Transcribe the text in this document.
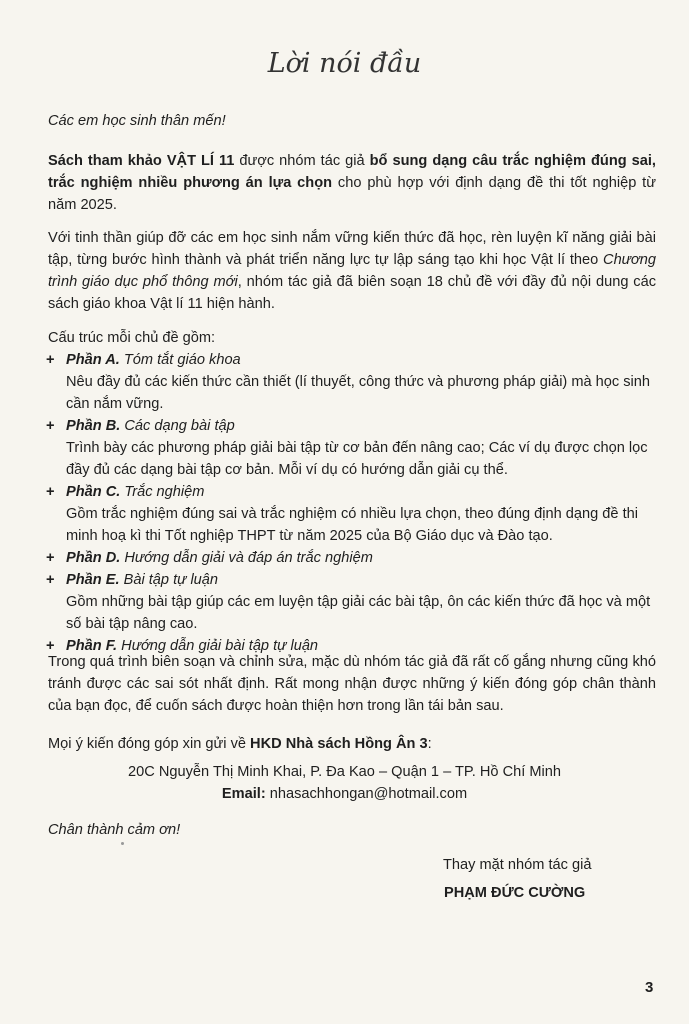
Lời nói đầu

Các em học sinh thân mến!

Sách tham khảo VẬT LÍ 11 được nhóm tác giả bổ sung dạng câu trắc nghiệm đúng sai, trắc nghiệm nhiều phương án lựa chọn cho phù hợp với định dạng đề thi tốt nghiệp từ năm 2025.

Với tinh thần giúp đỡ các em học sinh nắm vững kiến thức đã học, rèn luyện kĩ năng giải bài tập, từng bước hình thành và phát triển năng lực tự lập sáng tạo khi học Vật lí theo Chương trình giáo dục phổ thông mới, nhóm tác giả đã biên soạn 18 chủ đề với đầy đủ nội dung các sách giáo khoa Vật lí 11 hiện hành.

Cấu trúc mỗi chủ đề gồm:

+ Phần A. Tóm tắt giáo khoa
Nêu đầy đủ các kiến thức cần thiết (lí thuyết, công thức và phương pháp giải) mà học sinh cần nắm vững.
+ Phần B. Các dạng bài tập
Trình bày các phương pháp giải bài tập từ cơ bản đến nâng cao; Các ví dụ được chọn lọc đầy đủ các dạng bài tập cơ bản. Mỗi ví dụ có hướng dẫn giải cụ thể.
+ Phần C. Trắc nghiệm
Gồm trắc nghiệm đúng sai và trắc nghiệm có nhiều lựa chọn, theo đúng định dạng đề thi minh hoạ kì thi Tốt nghiệp THPT từ năm 2025 của Bộ Giáo dục và Đào tạo.
+ Phần D. Hướng dẫn giải và đáp án trắc nghiệm
+ Phần E. Bài tập tự luận
Gồm những bài tập giúp các em luyện tập giải các bài tập, ôn các kiến thức đã học và một số bài tập nâng cao.
+ Phần F. Hướng dẫn giải bài tập tự luận

Trong quá trình biên soạn và chỉnh sửa, mặc dù nhóm tác giả đã rất cố gắng nhưng cũng khó tránh được các sai sót nhất định. Rất mong nhận được những ý kiến đóng góp chân thành của bạn đọc, để cuốn sách được hoàn thiện hơn trong lần tái bản sau.

Mọi ý kiến đóng góp xin gửi về HKD Nhà sách Hồng Ân 3:

20C Nguyễn Thị Minh Khai, P. Đa Kao – Quận 1 – TP. Hồ Chí Minh
Email: nhasachhongan@hotmail.com

Chân thành cảm ơn!

Thay mặt nhóm tác giả
PHẠM ĐỨC CƯỜNG
3
